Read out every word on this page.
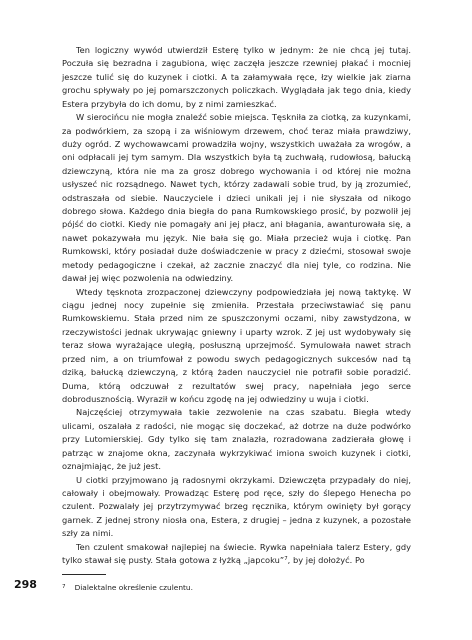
Ten logiczny wywód utwierdził Esterę tylko w jednym: że nie chcą jej tutaj. Poczuła się bezradna i zagubiona, więc zaczęła jeszcze rzewniej płakać i mocniej jeszcze tulić się do kuzynek i ciotki. A ta załamywała ręce, łzy wielkie jak ziarna grochu spływały po jej pomarszczonych policzkach. Wyglądała jak tego dnia, kiedy Estera przybyła do ich domu, by z nimi zamieszkać.

W sierocińcu nie mogła znaleźć sobie miejsca. Tęskniła za ciotką, za kuzynkami, za podwórkiem, za szopą i za wiśniowym drzewem, choć teraz miała prawdziwy, duży ogród. Z wychowawcami prowadziła wojny, wszystkich uważała za wrogów, a oni odpłacali jej tym samym. Dla wszystkich była tą zuchwałą, rudowłosą, bałucką dziewczyną, która nie ma za grosz dobrego wychowania i od której nie można usłyszeć nic rozsądnego. Nawet tych, którzy zadawali sobie trud, by ją zrozumieć, odstraszała od siebie. Nauczyciele i dzieci unikali jej i nie słyszała od nikogo dobrego słowa. Każdego dnia biegła do pana Rumkowskiego prosić, by pozwolił jej pójść do ciotki. Kiedy nie pomagały ani jej płacz, ani błagania, awanturowała się, a nawet pokazywała mu język. Nie bała się go. Miała przecież wuja i ciotkę. Pan Rumkowski, który posiadał duże doświadczenie w pracy z dziećmi, stosował swoje metody pedagogiczne i czekał, aż zacznie znaczyć dla niej tyle, co rodzina. Nie dawał jej więc pozwolenia na odwiedziny.

Wtedy tęsknota zrozpaczonej dziewczyny podpowiedziała jej nową taktykę. W ciągu jednej nocy zupełnie się zmieniła. Przestała przeciwstawiać się panu Rumkowskiemu. Stała przed nim ze spuszczonymi oczami, niby zawstydzona, w rzeczywistości jednak ukrywając gniewny i uparty wzrok. Z jej ust wydobywały się teraz słowa wyrażające uległą, posłuszną uprzejmość. Symulowała nawet strach przed nim, a on triumfował z powodu swych pedagogicznych sukcesów nad tą dziką, bałucką dziewczyną, z którą żaden nauczyciel nie potrafił sobie poradzić. Duma, którą odczuwał z rezultatów swej pracy, napełniała jego serce dobrodusznością. Wyraził w końcu zgodę na jej odwiedziny u wuja i ciotki.

Najczęściej otrzymywała takie zezwolenie na czas szabatu. Biegła wtedy ulicami, oszalała z radości, nie mogąc się doczekać, aż dotrze na duże podwórko przy Lutomierskiej. Gdy tylko się tam znalazła, rozradowana zadzierała głowę i patrząc w znajome okna, zaczynała wykrzykiwać imiona swoich kuzynek i ciotki, oznajmiając, że już jest.

U ciotki przyjmowano ją radosnymi okrzykami. Dziewczęta przypadały do niej, całowały i obejmowały. Prowadząc Esterę pod ręce, szły do ślepego Henecha po czulent. Pozwalały jej przytrzymywać brzeg ręcznika, którym owinięty był gorący garnek. Z jednej strony niosła ona, Estera, z drugiej – jedna z kuzynek, a pozostałe szły za nimi.

Ten czulent smakował najlepiej na świecie. Rywka napełniała talerz Estery, gdy tylko stawał się pusty. Stała gotowa z łyżką „japcoku”$^7$, by jej dołożyć. Po

298	$^7$ Dialektalne określenie czulentu.
